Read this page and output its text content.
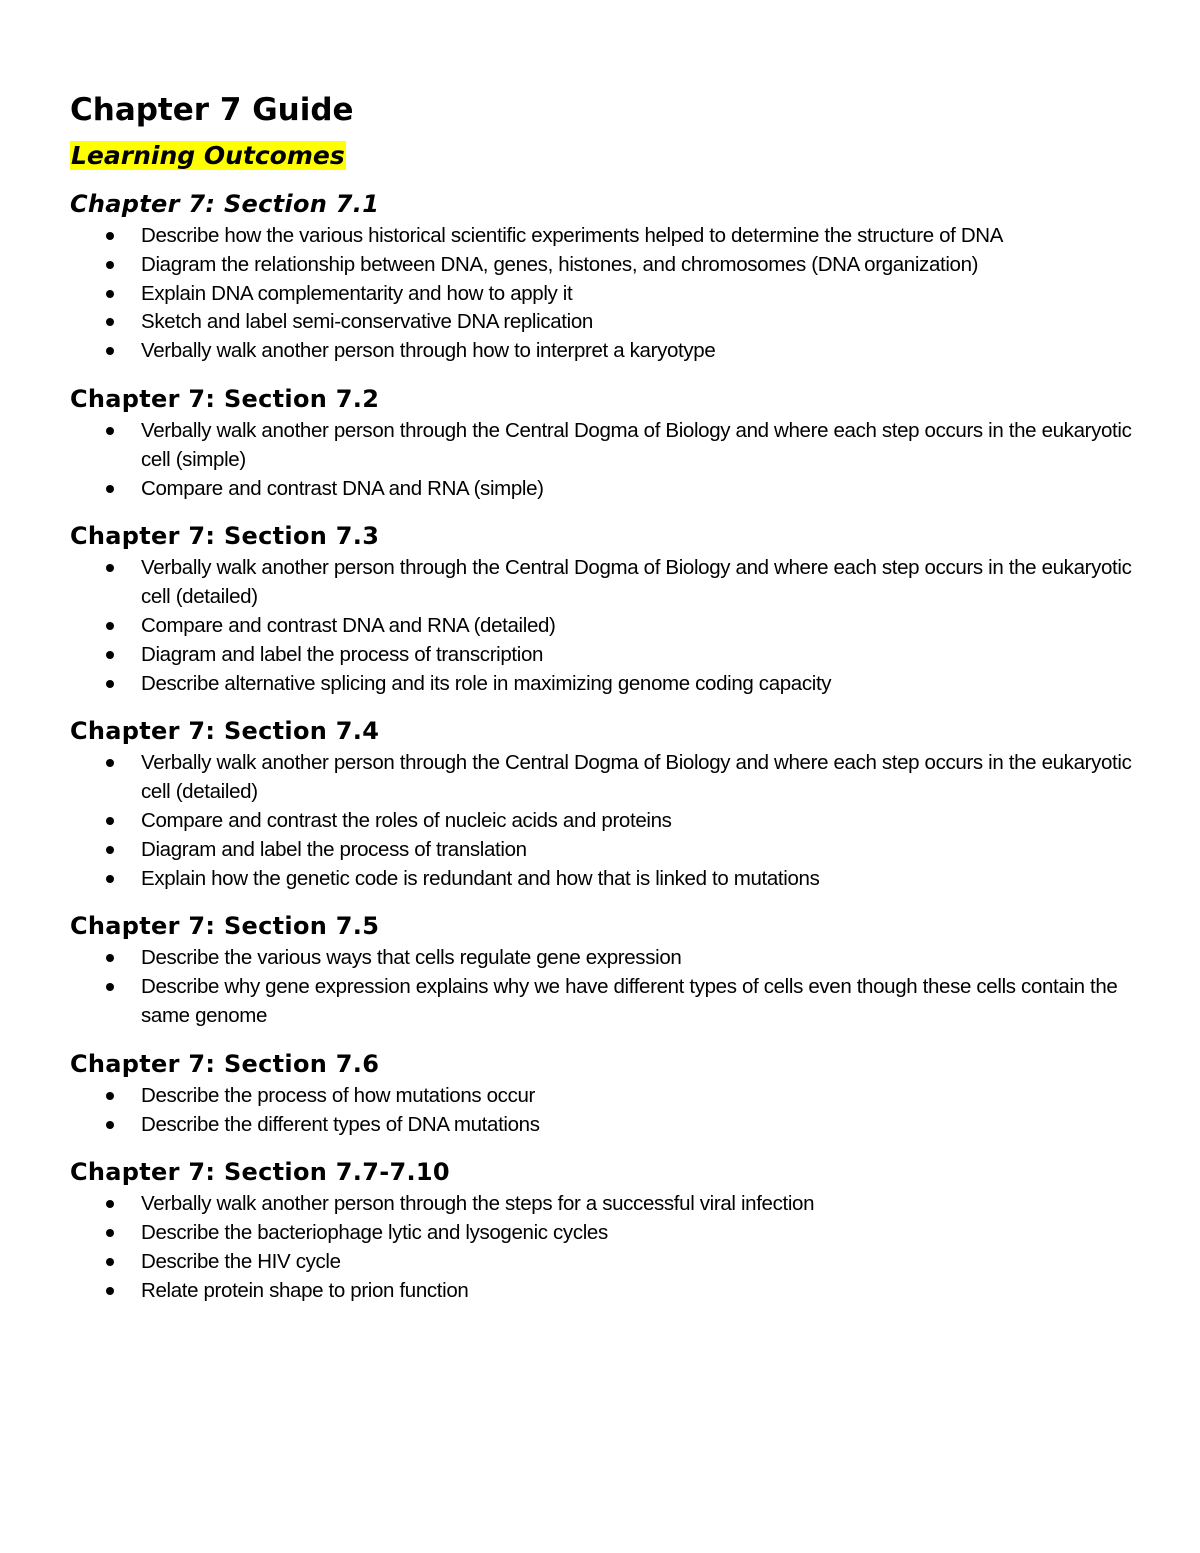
Chapter 7 Guide
Learning Outcomes
Chapter 7: Section 7.1
Describe how the various historical scientific experiments helped to determine the structure of DNA
Diagram the relationship between DNA, genes, histones, and chromosomes (DNA organization)
Explain DNA complementarity and how to apply it
Sketch and label semi-conservative DNA replication
Verbally walk another person through how to interpret a karyotype
Chapter 7: Section 7.2
Verbally walk another person through the Central Dogma of Biology and where each step occurs in the eukaryotic cell (simple)
Compare and contrast DNA and RNA (simple)
Chapter 7: Section 7.3
Verbally walk another person through the Central Dogma of Biology and where each step occurs in the eukaryotic cell (detailed)
Compare and contrast DNA and RNA (detailed)
Diagram and label the process of transcription
Describe alternative splicing and its role in maximizing genome coding capacity
Chapter 7: Section 7.4
Verbally walk another person through the Central Dogma of Biology and where each step occurs in the eukaryotic cell (detailed)
Compare and contrast the roles of nucleic acids and proteins
Diagram and label the process of translation
Explain how the genetic code is redundant and how that is linked to mutations
Chapter 7: Section 7.5
Describe the various ways that cells regulate gene expression
Describe why gene expression explains why we have different types of cells even though these cells contain the same genome
Chapter 7: Section 7.6
Describe the process of how mutations occur
Describe the different types of DNA mutations
Chapter 7: Section 7.7-7.10
Verbally walk another person through the steps for a successful viral infection
Describe the bacteriophage lytic and lysogenic cycles
Describe the HIV cycle
Relate protein shape to prion function
